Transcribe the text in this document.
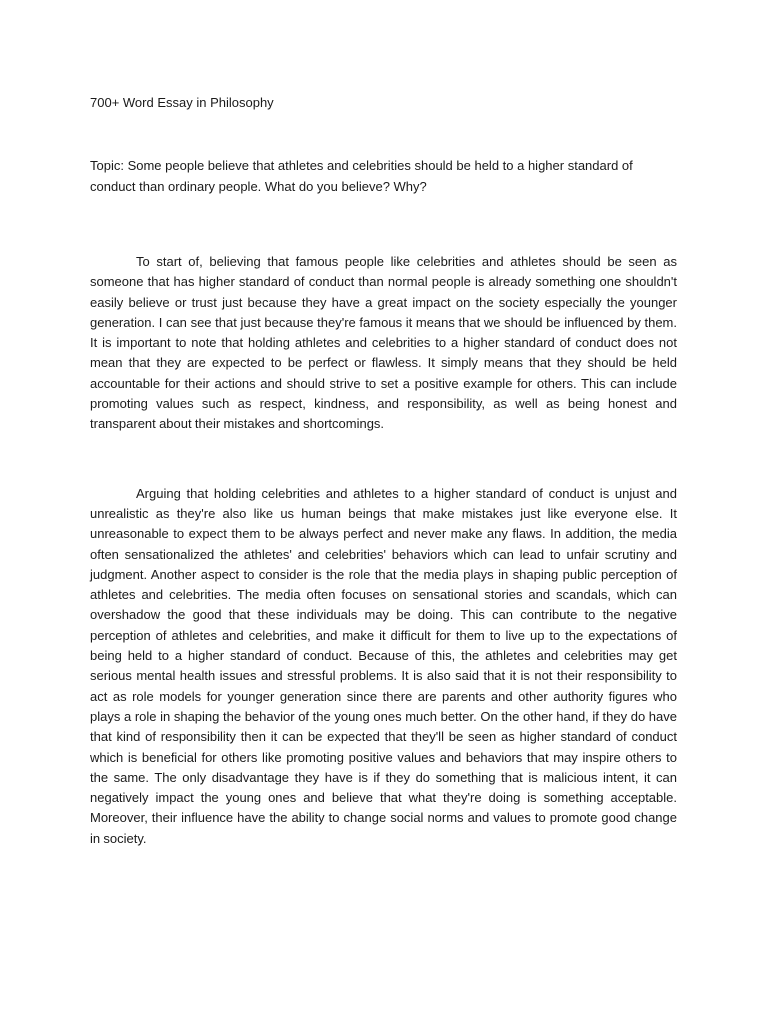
700+ Word Essay in Philosophy

Topic: Some people believe that athletes and celebrities should be held to a higher standard of conduct than ordinary people. What do you believe? Why?

To start of, believing that famous people like celebrities and athletes should be seen as someone that has higher standard of conduct than normal people is already something one shouldn't easily believe or trust just because they have a great impact on the society especially the younger generation. I can see that just because they're famous it means that we should be influenced by them. It is important to note that holding athletes and celebrities to a higher standard of conduct does not mean that they are expected to be perfect or flawless. It simply means that they should be held accountable for their actions and should strive to set a positive example for others. This can include promoting values such as respect, kindness, and responsibility, as well as being honest and transparent about their mistakes and shortcomings.

Arguing that holding celebrities and athletes to a higher standard of conduct is unjust and unrealistic as they're also like us human beings that make mistakes just like everyone else. It unreasonable to expect them to be always perfect and never make any flaws. In addition, the media often sensationalized the athletes' and celebrities' behaviors which can lead to unfair scrutiny and judgment. Another aspect to consider is the role that the media plays in shaping public perception of athletes and celebrities. The media often focuses on sensational stories and scandals, which can overshadow the good that these individuals may be doing. This can contribute to the negative perception of athletes and celebrities, and make it difficult for them to live up to the expectations of being held to a higher standard of conduct. Because of this, the athletes and celebrities may get serious mental health issues and stressful problems. It is also said that it is not their responsibility to act as role models for younger generation since there are parents and other authority figures who plays a role in shaping the behavior of the young ones much better. On the other hand, if they do have that kind of responsibility then it can be expected that they'll be seen as higher standard of conduct which is beneficial for others like promoting positive values and behaviors that may inspire others to the same. The only disadvantage they have is if they do something that is malicious intent, it can negatively impact the young ones and believe that what they're doing is something acceptable. Moreover, their influence have the ability to change social norms and values to promote good change in society.
